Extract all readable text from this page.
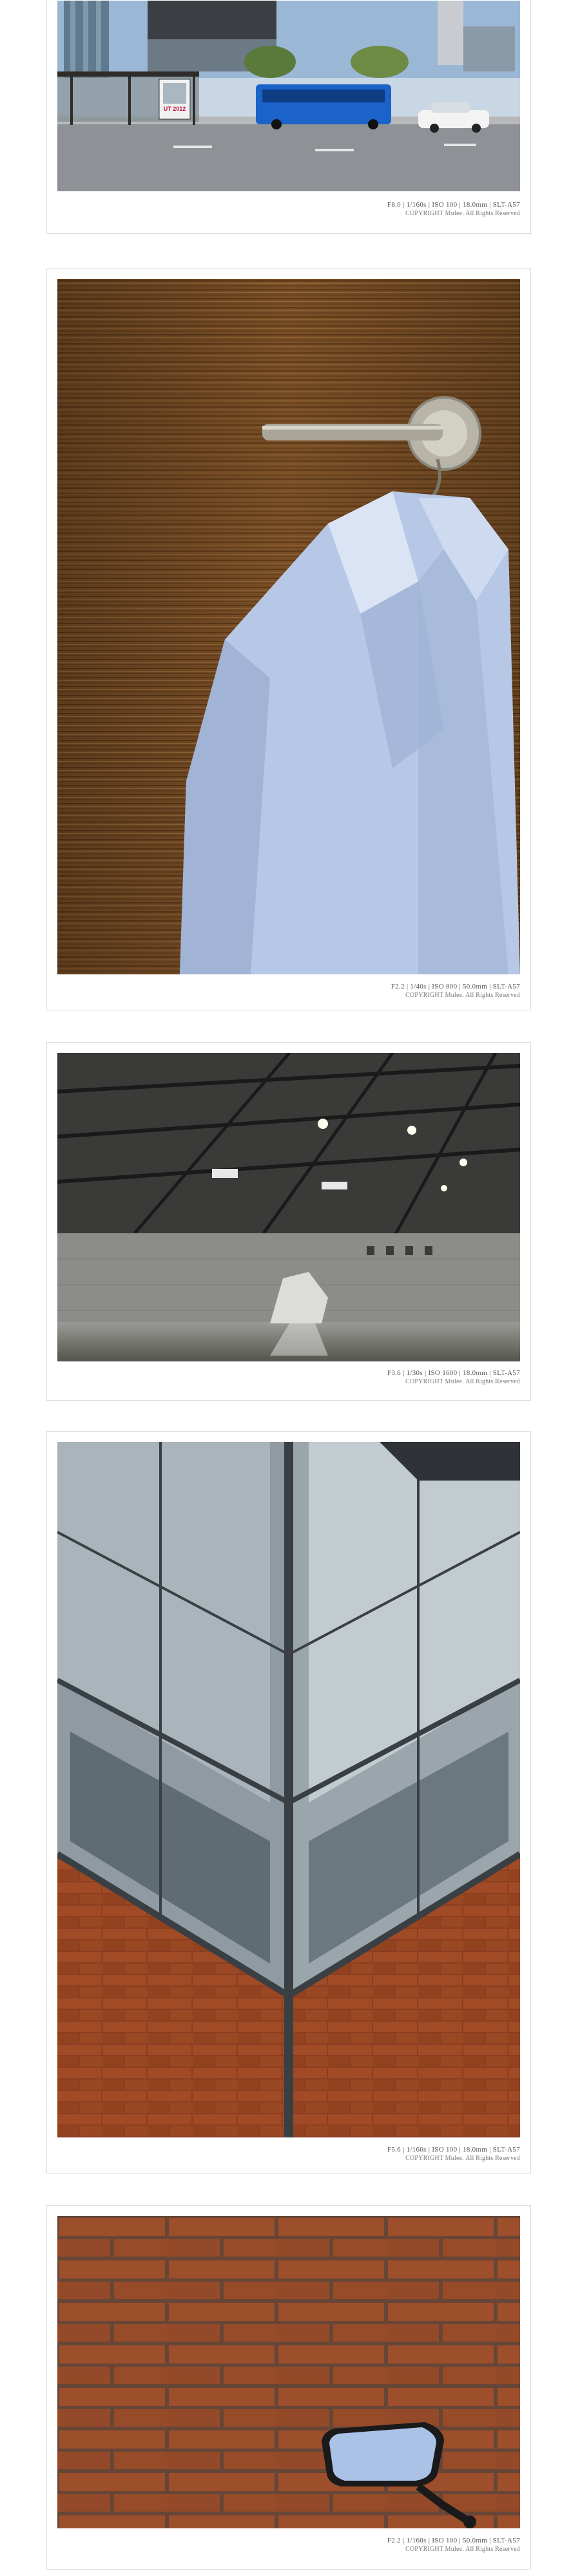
UT 2012
F8.0 | 1/160s | ISO 100 | 18.0mm | SLT-A57
COPYRIGHT Mulee. All Rights Reserved
F2.2 | 1/40s | ISO 800 | 50.0mm | SLT-A57
COPYRIGHT Mulee. All Rights Reserved
F3.6 | 1/30s | ISO 1600 | 18.0mm | SLT-A57
COPYRIGHT Mulee. All Rights Reserved
F5.6 | 1/160s | ISO 100 | 18.0mm | SLT-A57
COPYRIGHT Mulee. All Rights Reserved
F2.2 | 1/160s | ISO 100 | 50.0mm | SLT-A57
COPYRIGHT Mulee. All Rights Reserved
